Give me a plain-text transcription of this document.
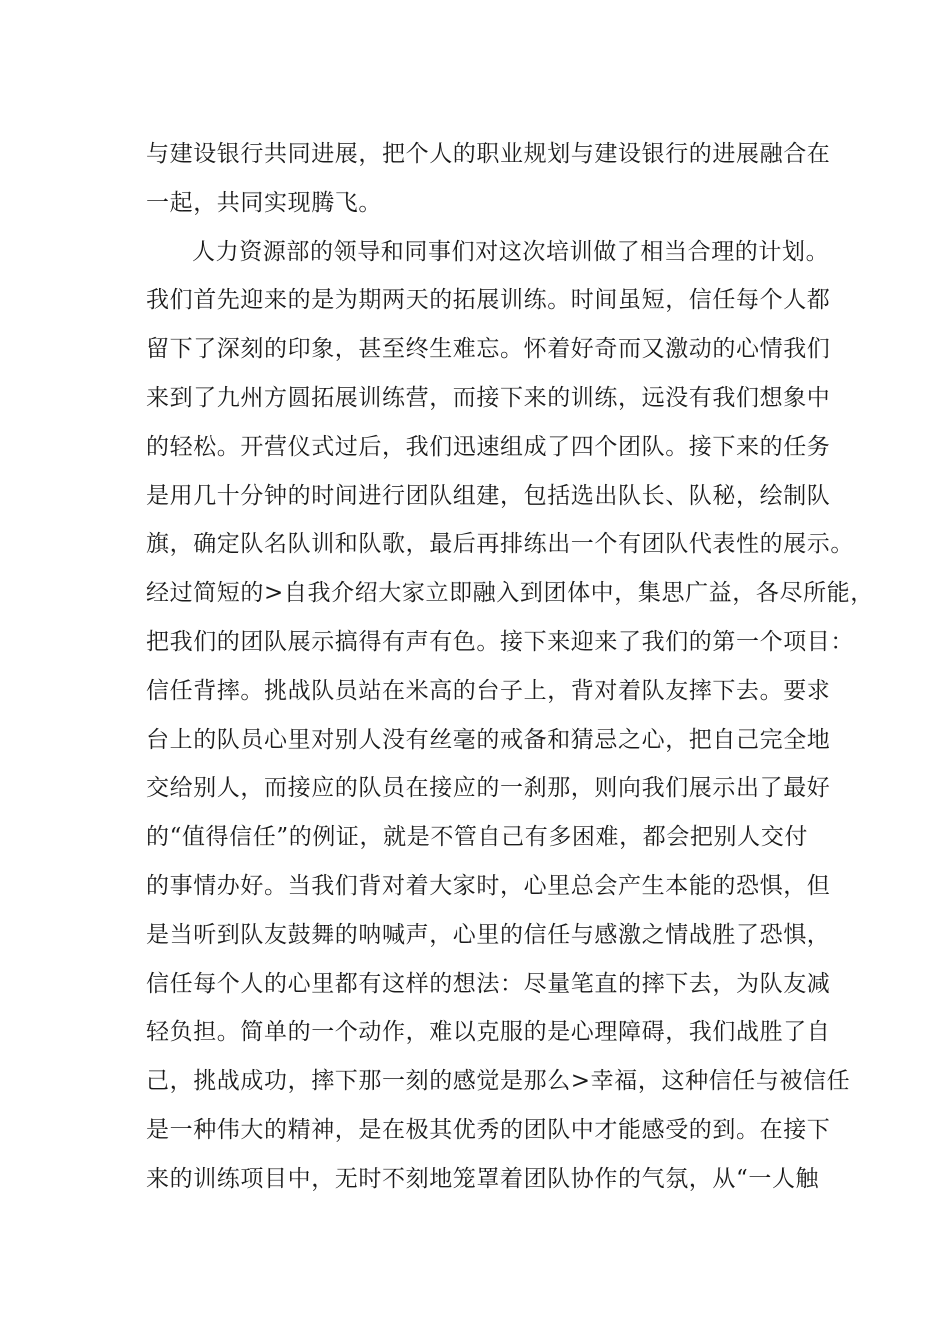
与建设银行共同进展，把个人的职业规划与建设银行的进展融合在
一起，共同实现腾飞。
人力资源部的领导和同事们对这次培训做了相当合理的计划。
我们首先迎来的是为期两天的拓展训练。时间虽短，信任每个人都
留下了深刻的印象，甚至终生难忘。怀着好奇而又激动的心情我们
来到了九州方圆拓展训练营，而接下来的训练，远没有我们想象中
的轻松。开营仪式过后，我们迅速组成了四个团队。接下来的任务
是用几十分钟的时间进行团队组建，包括选出队长、队秘，绘制队
旗，确定队名队训和队歌，最后再排练出一个有团队代表性的展示。
经过简短的>自我介绍大家立即融入到团体中，集思广益，各尽所能，
把我们的团队展示搞得有声有色。接下来迎来了我们的第一个项目：
信任背摔。挑战队员站在米高的台子上，背对着队友摔下去。要求
台上的队员心里对别人没有丝毫的戒备和猜忌之心，把自己完全地
交给别人，而接应的队员在接应的一刹那，则向我们展示出了最好
的“值得信任”的例证，就是不管自己有多困难，都会把别人交付
的事情办好。当我们背对着大家时，心里总会产生本能的恐惧，但
是当听到队友鼓舞的呐喊声，心里的信任与感激之情战胜了恐惧，
信任每个人的心里都有这样的想法：尽量笔直的摔下去，为队友减
轻负担。简单的一个动作，难以克服的是心理障碍，我们战胜了自
己，挑战成功，摔下那一刻的感觉是那么>幸福，这种信任与被信任
是一种伟大的精神，是在极其优秀的团队中才能感受的到。在接下
来的训练项目中，无时不刻地笼罩着团队协作的气氛，从“一人触
